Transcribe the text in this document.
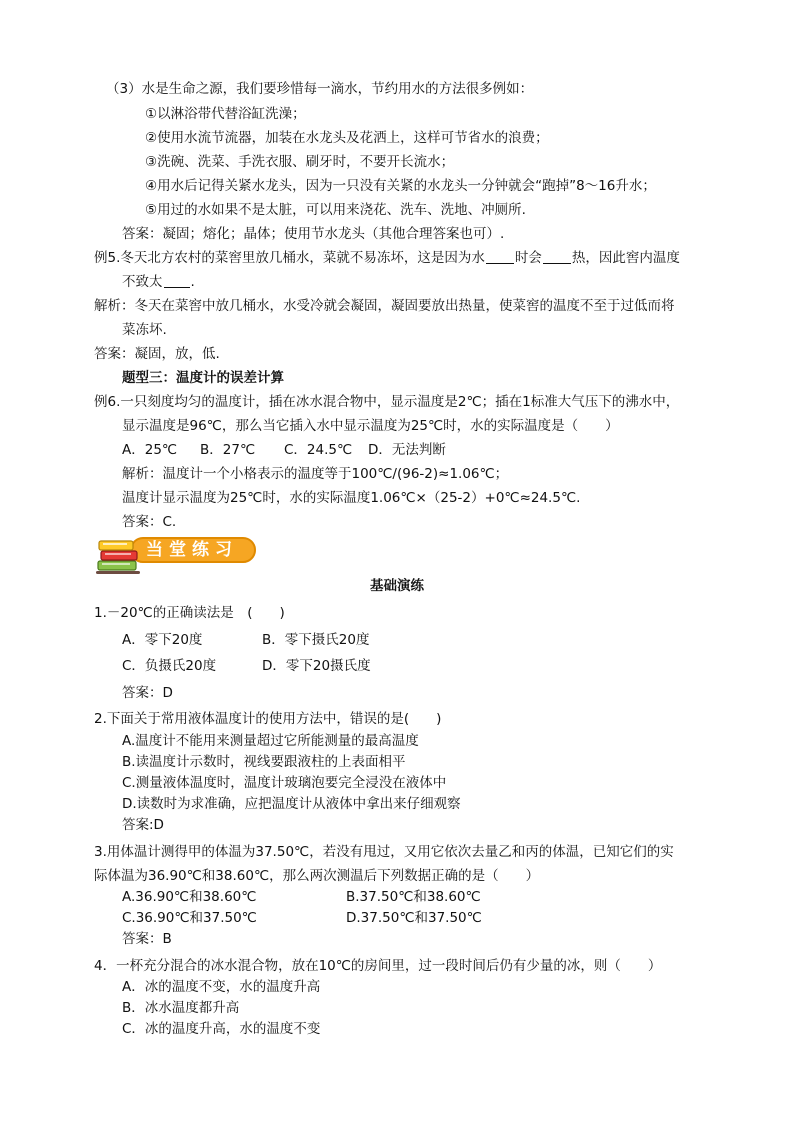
（3）水是生命之源，我们要珍惜每一滴水，节约用水的方法很多例如：
①以淋浴带代替浴缸洗澡；
②使用水流节流器，加装在水龙头及花洒上，这样可节省水的浪费；
③洗碗、洗菜、手洗衣服、刷牙时，不要开长流水；
④用水后记得关紧水龙头，因为一只没有关紧的水龙头一分钟就会“跑掉”8～16升水；
⑤用过的水如果不是太脏，可以用来浇花、洗车、洗地、冲厕所.
答案：凝固；熔化；晶体；使用节水龙头（其他合理答案也可）.
例5.冬天北方农村的菜窖里放几桶水，菜就不易冻坏，这是因为水 时会 热，因此窖内温度
不致太 .
解析：冬天在菜窖中放几桶水，水受冷就会凝固，凝固要放出热量，使菜窖的温度不至于过低而将
菜冻坏.
答案：凝固，放，低.
题型三：温度计的误差计算
例6.一只刻度均匀的温度计，插在冰水混合物中，显示温度是2℃；插在1标准大气压下的沸水中，
显示温度是96℃，那么当它插入水中显示温度为25℃时，水的实际温度是（　　）
A．25℃ B．27℃ C．24.5℃ D．无法判断
解析：温度计一个小格表示的温度等于100℃/(96-2)≈1.06℃；
温度计显示温度为25℃时，水的实际温度1.06℃×（25-2）+0℃≈24.5℃.
答案：C.
当堂练习
基础演练
1.－20℃的正确读法是　(　　)
A．零下20度	B．零下摄氏20度
C．负摄氏20度	D．零下20摄氏度
答案：D
2.下面关于常用液体温度计的使用方法中，错误的是(　　)
A.温度计不能用来测量超过它所能测量的最高温度
B.读温度计示数时，视线要跟液柱的上表面相平
C.测量液体温度时，温度计玻璃泡要完全浸没在液体中
D.读数时为求准确，应把温度计从液体中拿出来仔细观察
答案:D
3.用体温计测得甲的体温为37.50℃，若没有甩过，又用它依次去量乙和丙的体温，已知它们的实
际体温为36.90℃和38.60℃，那么两次测温后下列数据正确的是（　　）
A.36.90℃和38.60℃	B.37.50℃和38.60℃
C.36.90℃和37.50℃	D.37.50℃和37.50℃
答案：B
4．一杯充分混合的冰水混合物，放在10℃的房间里，过一段时间后仍有少量的冰，则（　　）
A．冰的温度不变，水的温度升高
B．冰水温度都升高
C．冰的温度升高，水的温度不变
